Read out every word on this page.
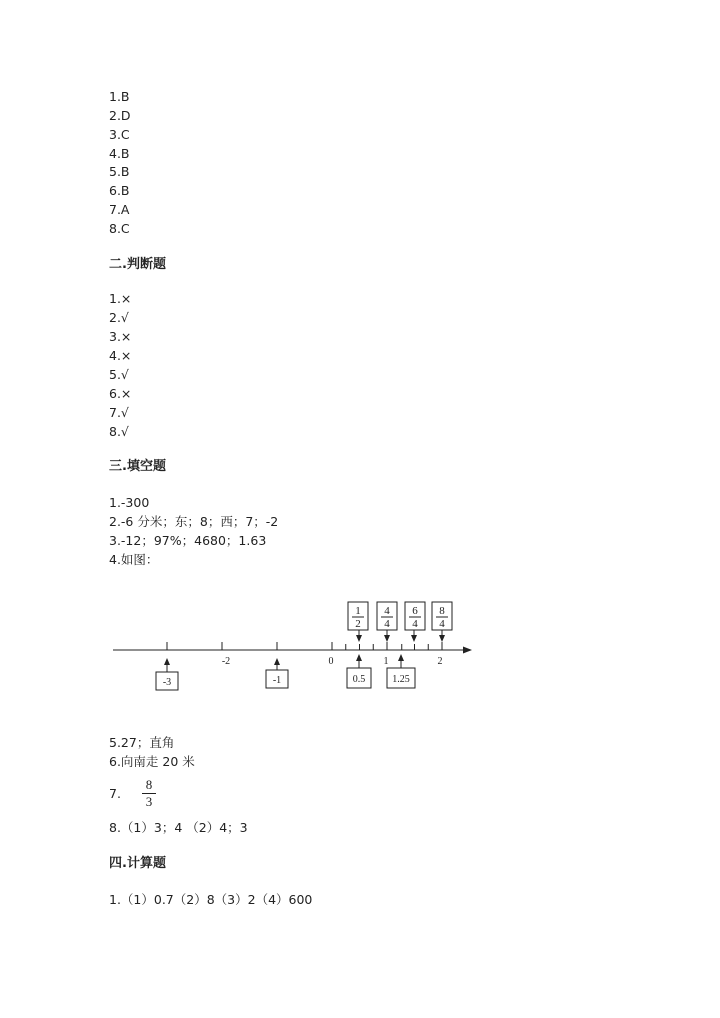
1.B
2.D
3.C
4.B
5.B
6.B
7.A
8.C
二.判断题
1.×
2.√
3.×
4.×
5.√
6.×
7.√
8.√
三.填空题
1.-300
2.-6 分米；东；8；西；7；-2
3.-12；97%；4680；1.63
4.如图：
-2	0	1	2
-3	-1	0.5	1.25
1
2
4
4
6
4
8
4
5.27；直角
6.向南走 20 米
7.
8
3
8.（1）3；4 （2）4；3
四.计算题
1.（1）0.7（2）8（3）2（4）600
